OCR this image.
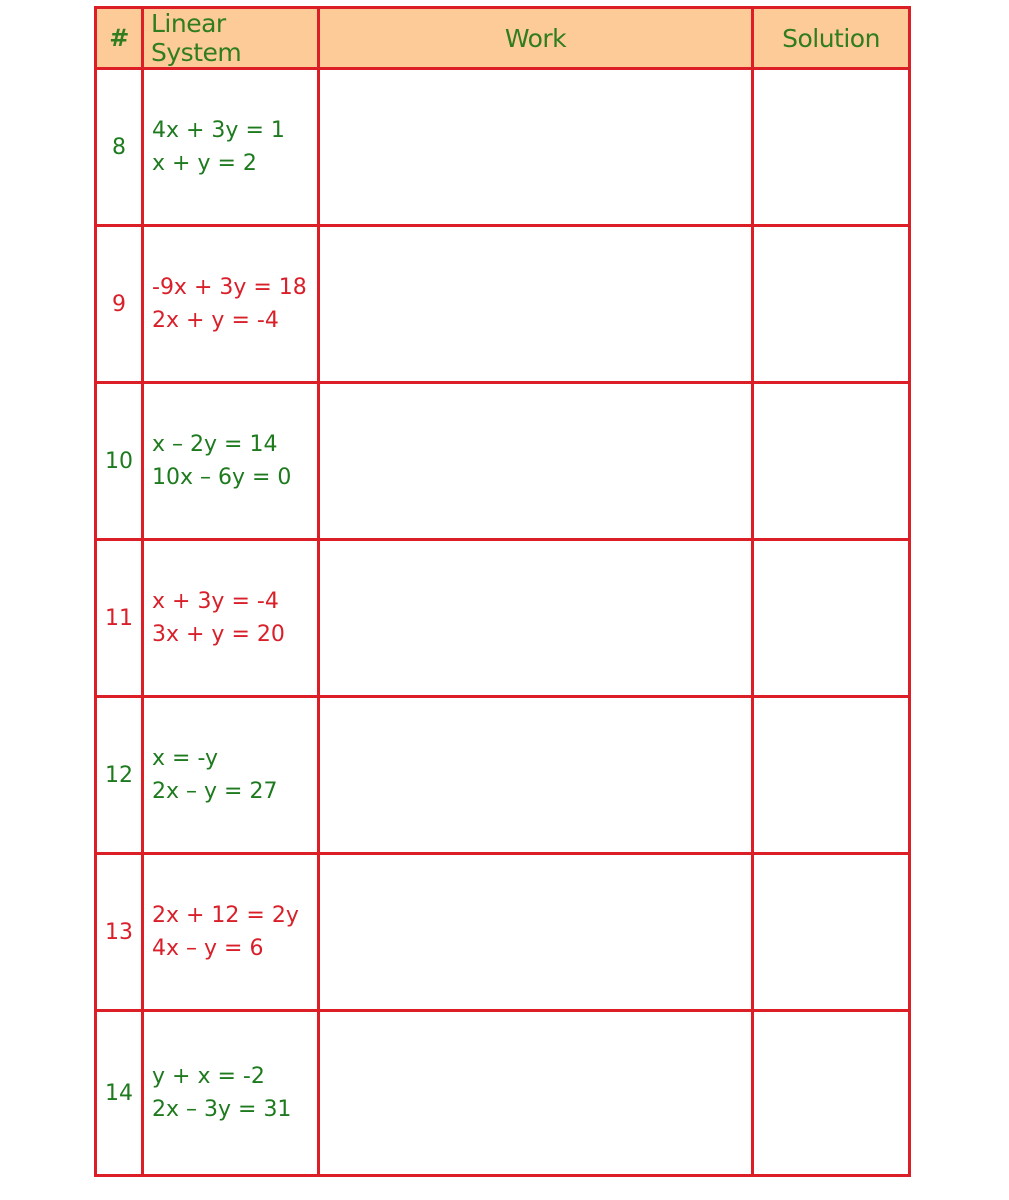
#	Linear System	Work	Solution
8	4x + 3y = 1
x + y = 2		

9	-9x + 3y = 18
2x + y = -4		

10	x – 2y = 14
10x – 6y = 0		

11	x + 3y = -4
3x + y = 20		

12	x = -y
2x – y = 27		

13	2x + 12 = 2y
4x – y = 6		

14	y + x = -2
2x – 3y = 31		
